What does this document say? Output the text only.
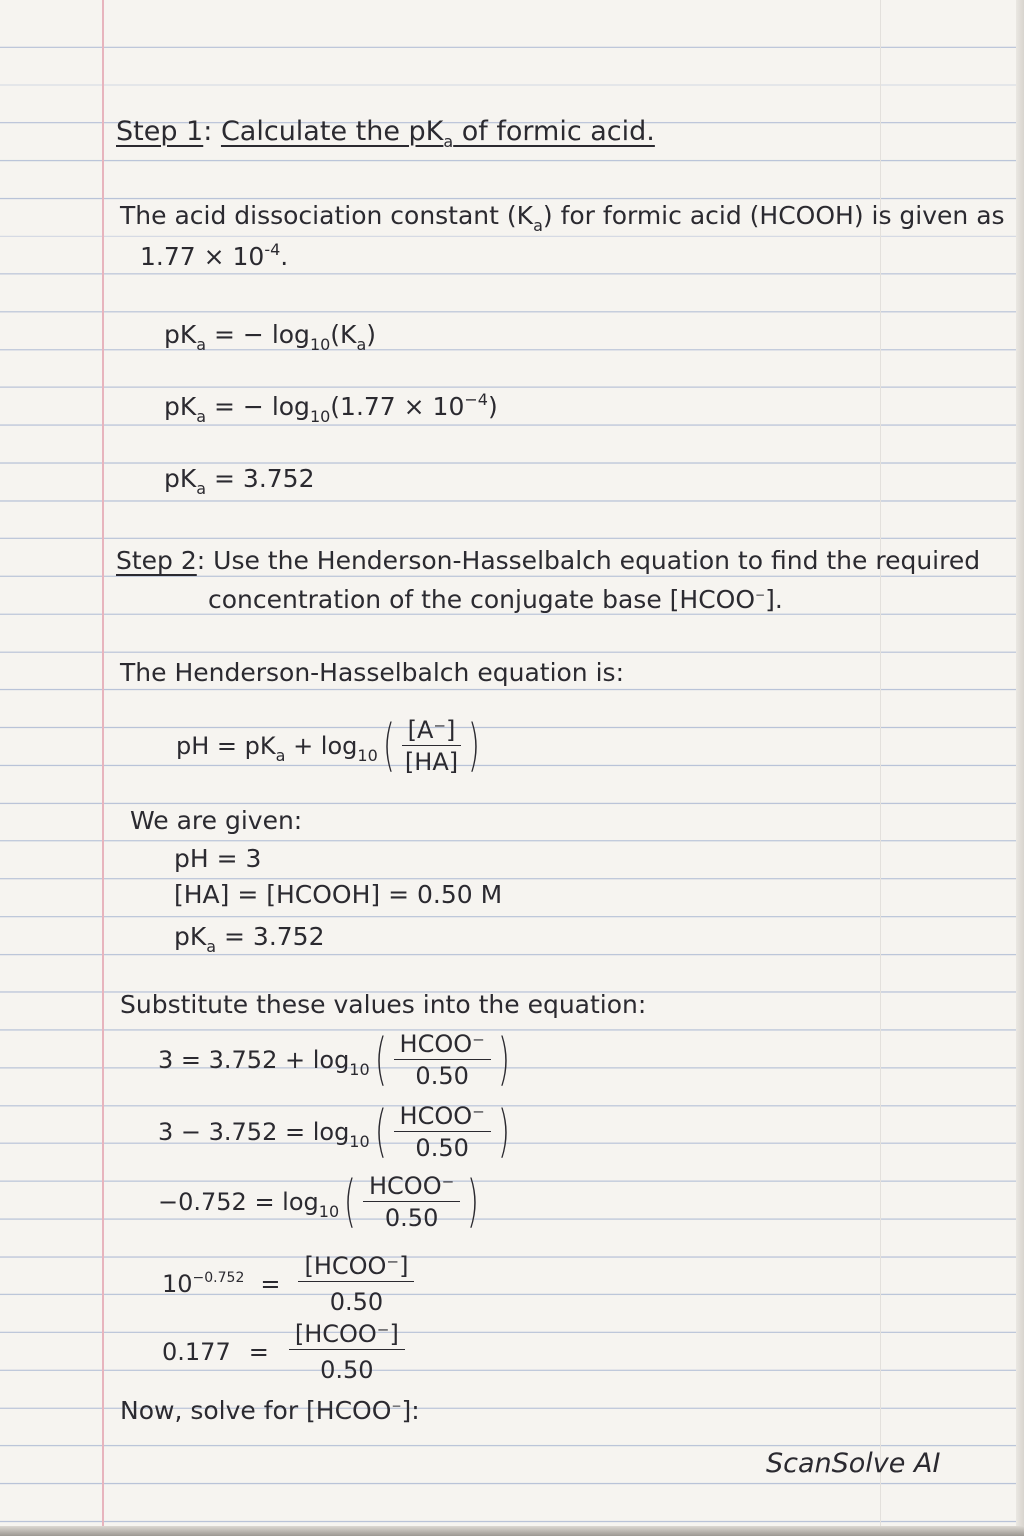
Step 1: Calculate the $pK_a$ of formic acid.
The acid dissociation constant $(K_a)$ for formic acid (HCOOH) is given as
$1.77 \times 10^{-4}$.
$pK_a$ = − $\log_{10}(K_a)$
$pK_a$ = − $\log_{10}(1.77 \times 10^{-4})$
$pK_a = 3.752$
Step 2: Use the Henderson-Hasselbalch equation to find the required
concentration of the conjugate base [HCOO−].
The Henderson-Hasselbalch equation is:
pH = $pK_a + \log_{10}$ ( $\frac{[A^-]}{[HA]}$ )
We are given:
pH = 3
[HA] = [HCOOH] = 0.50 M
$pK_a = 3.752$
Substitute these values into the equation:
$3 = 3.752 + \log_{10}$ ( $\frac{\text{HCOO⁻}}{0.50}$ )
$3 - 3.752 = \log_{10}$ ( $\frac{\text{HCOO⁻}}{0.50}$ )
$-0.752 = \log_{10}$ ( $\frac{\text{HCOO⁻}}{0.50}$ )
$10^{-0.752} = \frac{\text{[HCOO⁻]}}{0.50}$
$0.177 = \frac{\text{[HCOO⁻]}}{0.50}$
Now, solve for [HCOO−]:
ScanSolve AI
